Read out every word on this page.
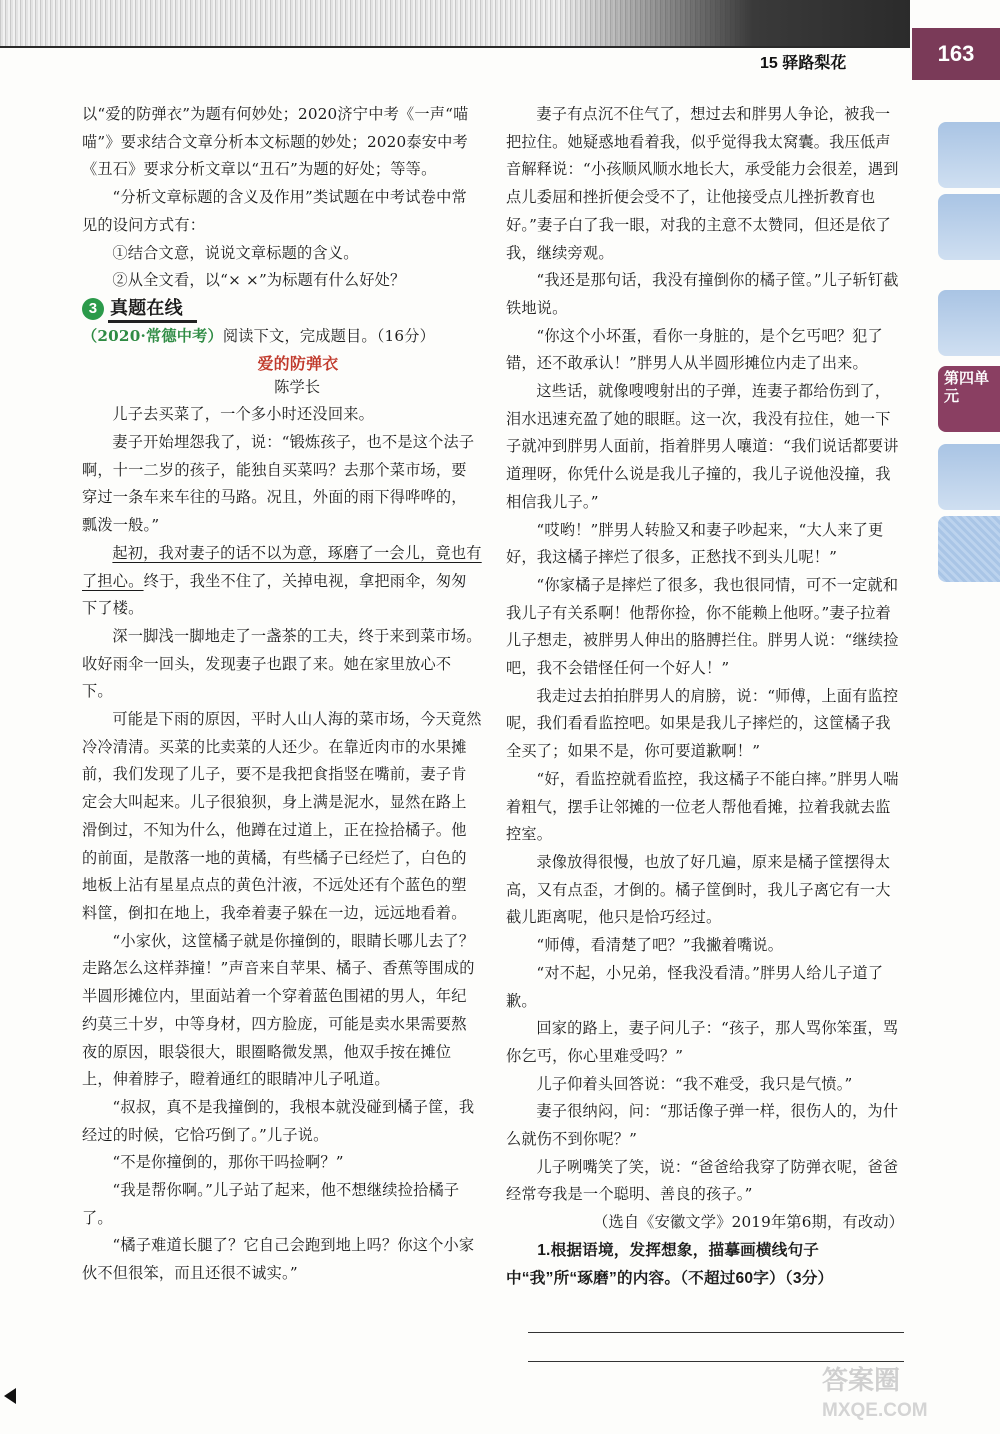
15 驿路梨花	163
第四单元

以“爱的防弹衣”为题有何妙处；2020济宁中考《一声“喵喵”》要求结合文章分析本文标题的妙处；2020泰安中考《丑石》要求分析文章以“丑石”为题的好处；等等。

“分析文章标题的含义及作用”类试题在中考试卷中常见的设问方式有：

①结合文意，说说文章标题的含义。

②从全文看，以“× ×”为标题有什么好处？

3 真题在线

（2020·常德中考）阅读下文，完成题目。（16分）

爱的防弹衣

陈学长

儿子去买菜了，一个多小时还没回来。

妻子开始埋怨我了，说：“锻炼孩子，也不是这个法子啊，十一二岁的孩子，能独自买菜吗？去那个菜市场，要穿过一条车来车往的马路。况且，外面的雨下得哗哗的，瓢泼一般。”

起初，我对妻子的话不以为意，琢磨了一会儿，竟也有了担心。终于，我坐不住了，关掉电视，拿把雨伞，匆匆下了楼。

深一脚浅一脚地走了一盏茶的工夫，终于来到菜市场。收好雨伞一回头，发现妻子也跟了来。她在家里放心不下。

可能是下雨的原因，平时人山人海的菜市场，今天竟然冷冷清清。买菜的比卖菜的人还少。在靠近肉市的水果摊前，我们发现了儿子，要不是我把食指竖在嘴前，妻子肯定会大叫起来。儿子很狼狈，身上满是泥水，显然在路上滑倒过，不知为什么，他蹲在过道上，正在捡拾橘子。他的前面，是散落一地的黄橘，有些橘子已经烂了，白色的地板上沾有星星点点的黄色汁液，不远处还有个蓝色的塑料筐，倒扣在地上，我牵着妻子躲在一边，远远地看着。

“小家伙，这筐橘子就是你撞倒的，眼睛长哪儿去了？走路怎么这样莽撞！”声音来自苹果、橘子、香蕉等围成的半圆形摊位内，里面站着一个穿着蓝色围裙的男人，年纪约莫三十岁，中等身材，四方脸庞，可能是卖水果需要熬夜的原因，眼袋很大，眼圈略微发黑，他双手按在摊位上，伸着脖子，瞪着通红的眼睛冲儿子吼道。

“叔叔，真不是我撞倒的，我根本就没碰到橘子筐，我经过的时候，它恰巧倒了。”儿子说。

“不是你撞倒的，那你干吗捡啊？”

“我是帮你啊。”儿子站了起来，他不想继续捡拾橘子了。

“橘子难道长腿了？它自己会跑到地上吗？你这个小家伙不但很笨，而且还很不诚实。”

妻子有点沉不住气了，想过去和胖男人争论，被我一把拉住。她疑惑地看着我，似乎觉得我太窝囊。我压低声音解释说：“小孩顺风顺水地长大，承受能力会很差，遇到点儿委屈和挫折便会受不了，让他接受点儿挫折教育也好。”妻子白了我一眼，对我的主意不太赞同，但还是依了我，继续旁观。

“我还是那句话，我没有撞倒你的橘子筐。”儿子斩钉截铁地说。

“你这个小坏蛋，看你一身脏的，是个乞丐吧？犯了错，还不敢承认！”胖男人从半圆形摊位内走了出来。

这些话，就像嗖嗖射出的子弹，连妻子都给伤到了，泪水迅速充盈了她的眼眶。这一次，我没有拉住，她一下子就冲到胖男人面前，指着胖男人嚷道：“我们说话都要讲道理呀，你凭什么说是我儿子撞的，我儿子说他没撞，我相信我儿子。”

“哎哟！”胖男人转脸又和妻子吵起来，“大人来了更好，我这橘子摔烂了很多，正愁找不到头儿呢！”

“你家橘子是摔烂了很多，我也很同情，可不一定就和我儿子有关系啊！他帮你捡，你不能赖上他呀。”妻子拉着儿子想走，被胖男人伸出的胳膊拦住。胖男人说：“继续捡吧，我不会错怪任何一个好人！”

我走过去拍拍胖男人的肩膀，说：“师傅，上面有监控呢，我们看看监控吧。如果是我儿子摔烂的，这筐橘子我全买了；如果不是，你可要道歉啊！”

“好，看监控就看监控，我这橘子不能白摔。”胖男人喘着粗气，摆手让邻摊的一位老人帮他看摊，拉着我就去监控室。

录像放得很慢，也放了好几遍，原来是橘子筐摆得太高，又有点歪，才倒的。橘子筐倒时，我儿子离它有一大截儿距离呢，他只是恰巧经过。

“师傅，看清楚了吧？”我撇着嘴说。

“对不起，小兄弟，怪我没看清。”胖男人给儿子道了歉。

回家的路上，妻子问儿子：“孩子，那人骂你笨蛋，骂你乞丐，你心里难受吗？”

儿子仰着头回答说：“我不难受，我只是气愤。”

妻子很纳闷，问：“那话像子弹一样，很伤人的，为什么就伤不到你呢？”

儿子咧嘴笑了笑，说：“爸爸给我穿了防弹衣呢，爸爸经常夸我是一个聪明、善良的孩子。”

（选自《安徽文学》2019年第6期，有改动）

1.根据语境，发挥想象，描摹画横线句子中“我”所“琢磨”的内容。（不超过60字）（3分）

答案圈
MXQE.COM
